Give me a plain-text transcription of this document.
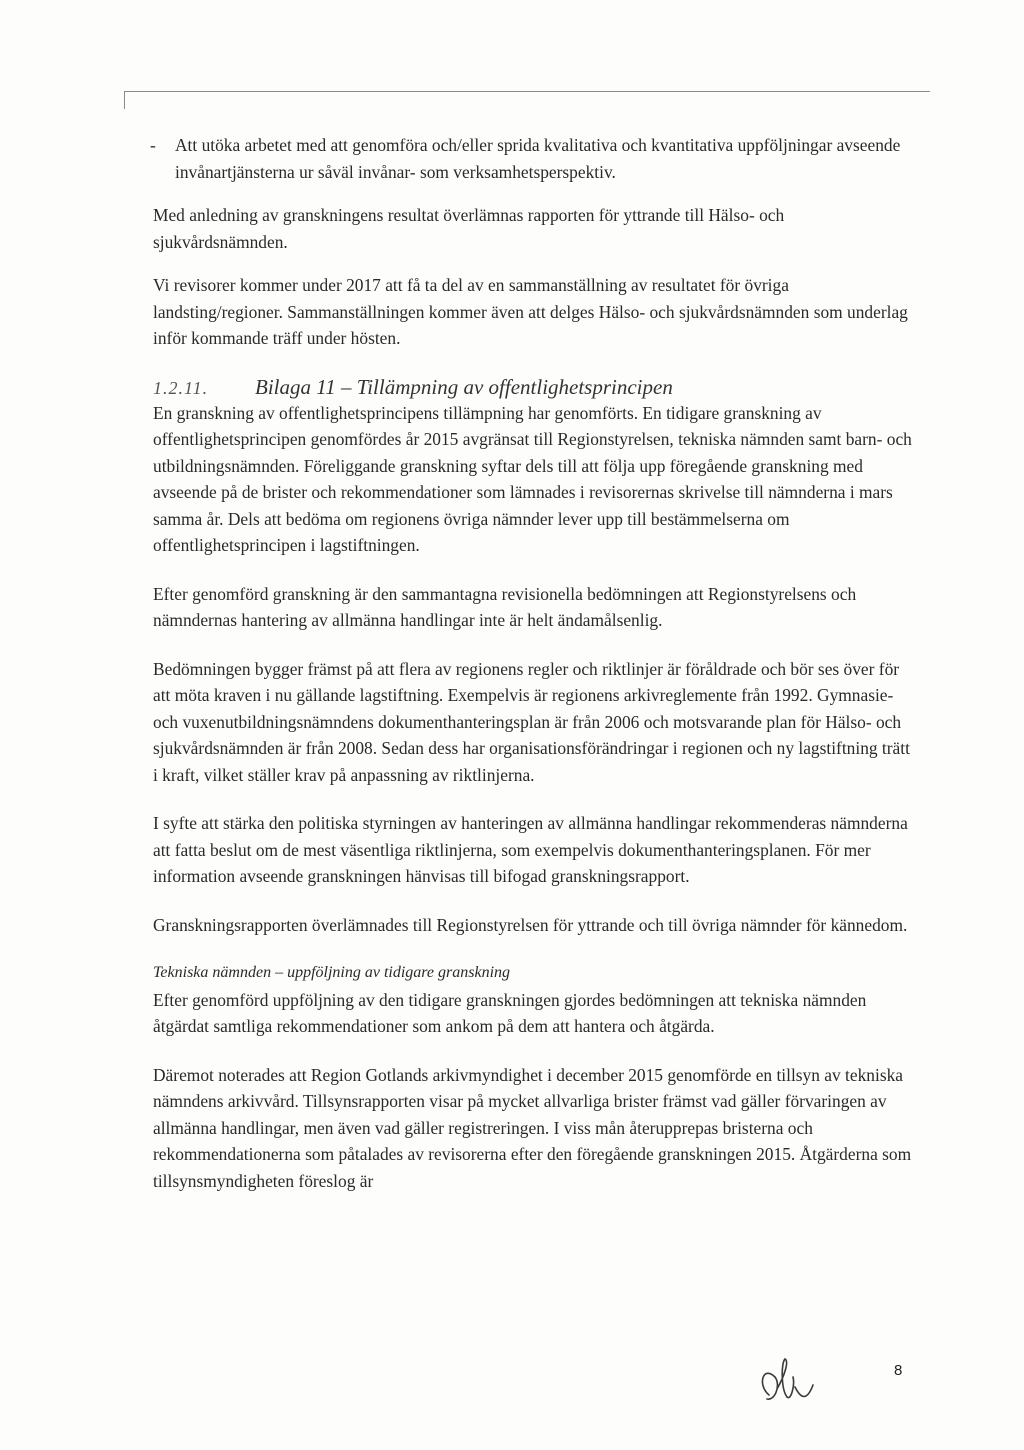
- Att utöka arbetet med att genomföra och/eller sprida kvalitativa och kvantitativa uppföljningar avseende invånartjänsterna ur såväl invånar- som verksamhetsperspektiv.

Med anledning av granskningens resultat överlämnas rapporten för yttrande till Hälso- och sjukvårdsnämnden.

Vi revisorer kommer under 2017 att få ta del av en sammanställning av resultatet för övriga landsting/regioner. Sammanställningen kommer även att delges Hälso- och sjukvårdsnämnden som underlag inför kommande träff under hösten.

1.2.11.	Bilaga 11 – Tillämpning av offentlighetsprincipen

En granskning av offentlighetsprincipens tillämpning har genomförts. En tidigare granskning av offentlighetsprincipen genomfördes år 2015 avgränsat till Regionstyrelsen, tekniska nämnden samt barn- och utbildningsnämnden. Föreliggande granskning syftar dels till att följa upp föregående granskning med avseende på de brister och rekommendationer som lämnades i revisorernas skrivelse till nämnderna i mars samma år. Dels att bedöma om regionens övriga nämnder lever upp till bestämmelserna om offentlighetsprincipen i lagstiftningen.

Efter genomförd granskning är den sammantagna revisionella bedömningen att Regionstyrelsens och nämndernas hantering av allmänna handlingar inte är helt ändamålsenlig.

Bedömningen bygger främst på att flera av regionens regler och riktlinjer är föråldrade och bör ses över för att möta kraven i nu gällande lagstiftning. Exempelvis är regionens arkivreglemente från 1992. Gymnasie- och vuxenutbildningsnämndens dokumenthanteringsplan är från 2006 och motsvarande plan för Hälso- och sjukvårdsnämnden är från 2008. Sedan dess har organisationsförändringar i regionen och ny lagstiftning trätt i kraft, vilket ställer krav på anpassning av riktlinjerna.

I syfte att stärka den politiska styrningen av hanteringen av allmänna handlingar rekommenderas nämnderna att fatta beslut om de mest väsentliga riktlinjerna, som exempelvis dokumenthanteringsplanen. För mer information avseende granskningen hänvisas till bifogad granskningsrapport.

Granskningsrapporten överlämnades till Regionstyrelsen för yttrande och till övriga nämnder för kännedom.

Tekniska nämnden – uppföljning av tidigare granskning

Efter genomförd uppföljning av den tidigare granskningen gjordes bedömningen att tekniska nämnden åtgärdat samtliga rekommendationer som ankom på dem att hantera och åtgärda.

Däremot noterades att Region Gotlands arkivmyndighet i december 2015 genomförde en tillsyn av tekniska nämndens arkivvård. Tillsynsrapporten visar på mycket allvarliga brister främst vad gäller förvaringen av allmänna handlingar, men även vad gäller registreringen. I viss mån återupprepas bristerna och rekommendationerna som påtalades av revisorerna efter den föregående granskningen 2015. Åtgärderna som tillsynsmyndigheten föreslog är

8
